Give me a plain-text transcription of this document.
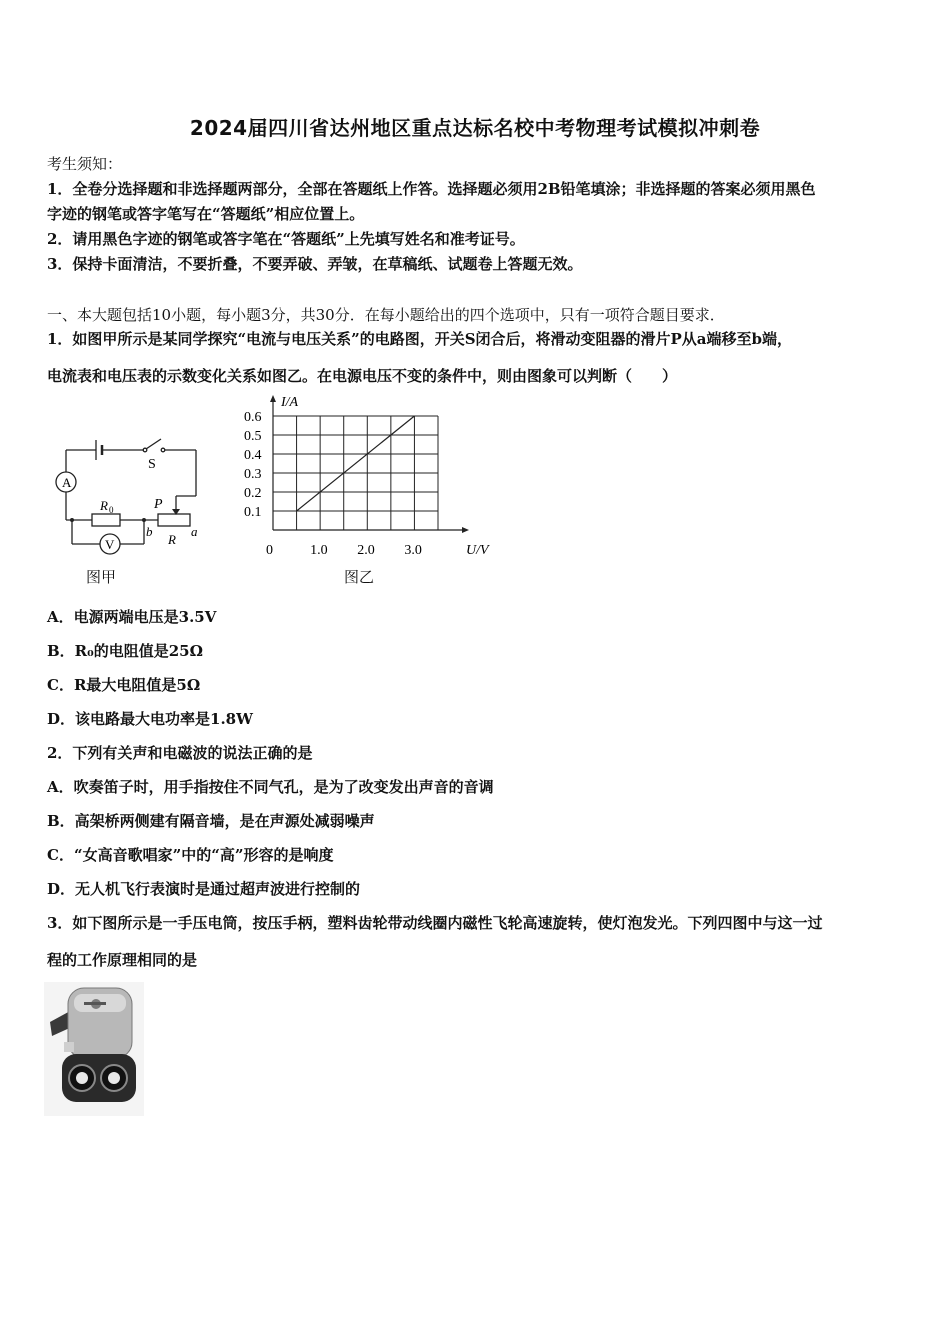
2024届四川省达州地区重点达标名校中考物理考试模拟冲刺卷
考生须知：
1．全卷分选择题和非选择题两部分，全部在答题纸上作答。选择题必须用2B铅笔填涂；非选择题的答案必须用黑色
字迹的钢笔或答字笔写在“答题纸”相应位置上。
2．请用黑色字迹的钢笔或答字笔在“答题纸”上先填写姓名和准考证号。
3．保持卡面清洁，不要折叠，不要弄破、弄皱，在草稿纸、试题卷上答题无效。
一、本大题包括10小题，每小题3分，共30分．在每小题给出的四个选项中，只有一项符合题目要求．
1．如图甲所示是某同学探究“电流与电压关系”的电路图，开关S闭合后，将滑动变阻器的滑片P从a端移至b端，
电流表和电压表的示数变化关系如图乙。在电源电压不变的条件中，则由图象可以判断（　　）
A
V
S
R 0	P
b	a
R
图甲
0.1
0.2
0.3
0.4
0.5
0.6
0	1.0 2.0 3.0
I/A
U/V
图乙
A．电源两端电压是3.5V
B．R₀的电阻值是25Ω
C．R最大电阻值是5Ω
D．该电路最大电功率是1.8W
2．下列有关声和电磁波的说法正确的是
A．吹奏笛子时，用手指按住不同气孔，是为了改变发出声音的音调
B．高架桥两侧建有隔音墙，是在声源处减弱噪声
C．“女高音歌唱家”中的“高”形容的是响度
D．无人机飞行表演时是通过超声波进行控制的
3．如下图所示是一手压电筒，按压手柄，塑料齿轮带动线圈内磁性飞轮高速旋转，使灯泡发光。下列四图中与这一过
程的工作原理相同的是
